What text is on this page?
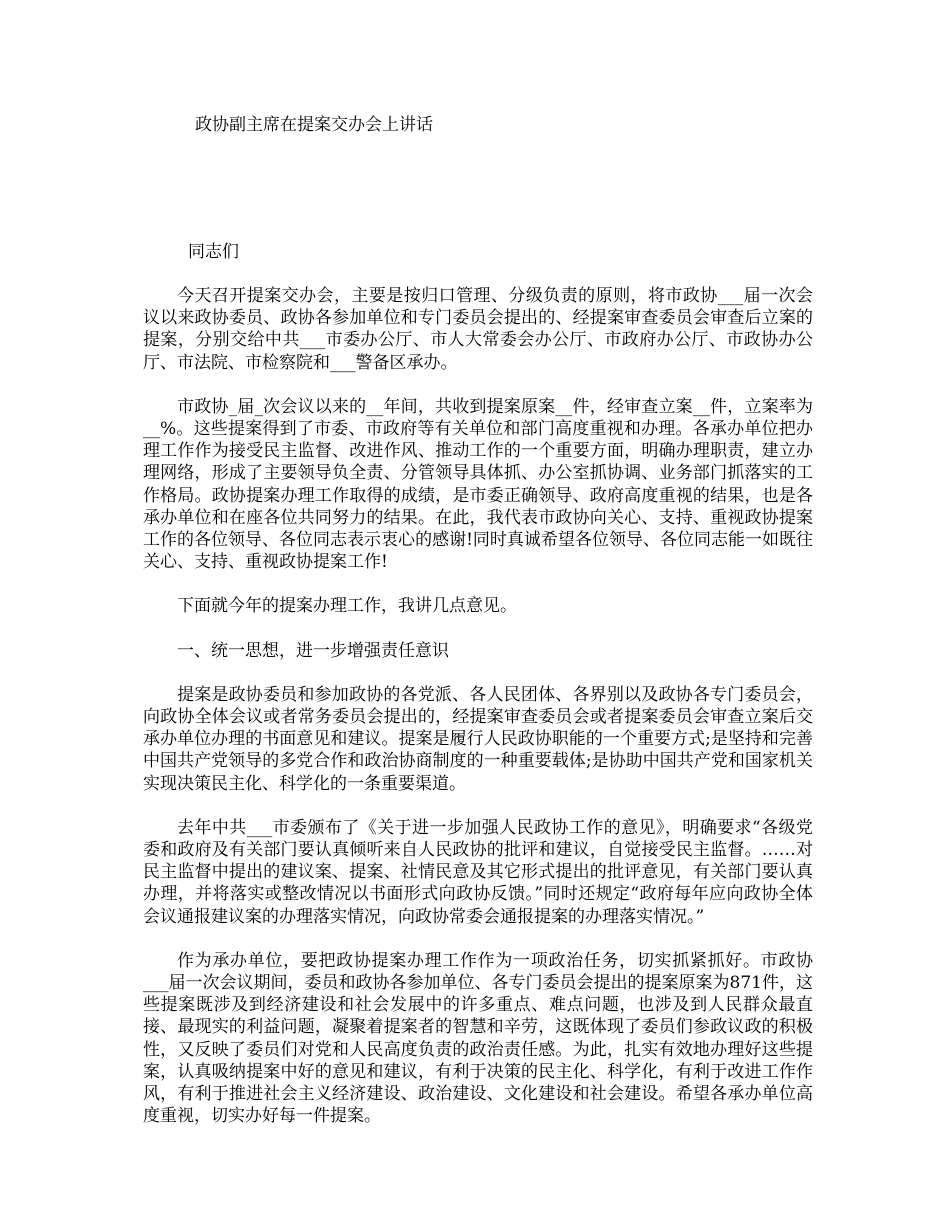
政协副主席在提案交办会上讲话
同志们

今天召开提案交办会，主要是按归口管理、分级负责的原则，将市政协___届一次会议以来政协委员、政协各参加单位和专门委员会提出的、经提案审查委员会审查后立案的提案，分别交给中共___市委办公厅、市人大常委会办公厅、市政府办公厅、市政协办公厅、市法院、市检察院和___警备区承办。

市政协_届_次会议以来的__年间，共收到提案原案__件，经审查立案__件，立案率为__%。这些提案得到了市委、市政府等有关单位和部门高度重视和办理。各承办单位把办理工作作为接受民主监督、改进作风、推动工作的一个重要方面，明确办理职责，建立办理网络，形成了主要领导负全责、分管领导具体抓、办公室抓协调、业务部门抓落实的工作格局。政协提案办理工作取得的成绩，是市委正确领导、政府高度重视的结果，也是各承办单位和在座各位共同努力的结果。在此，我代表市政协向关心、支持、重视政协提案工作的各位领导、各位同志表示衷心的感谢!同时真诚希望各位领导、各位同志能一如既往关心、支持、重视政协提案工作!

下面就今年的提案办理工作，我讲几点意见。

一、统一思想，进一步增强责任意识

提案是政协委员和参加政协的各党派、各人民团体、各界别以及政协各专门委员会，向政协全体会议或者常务委员会提出的，经提案审查委员会或者提案委员会审查立案后交承办单位办理的书面意见和建议。提案是履行人民政协职能的一个重要方式;是坚持和完善中国共产党领导的多党合作和政治协商制度的一种重要载体;是协助中国共产党和国家机关实现决策民主化、科学化的一条重要渠道。

去年中共___市委颁布了《关于进一步加强人民政协工作的意见》，明确要求“各级党委和政府及有关部门要认真倾听来自人民政协的批评和建议，自觉接受民主监督。……对民主监督中提出的建议案、提案、社情民意及其它形式提出的批评意见，有关部门要认真办理，并将落实或整改情况以书面形式向政协反馈。”同时还规定“政府每年应向政协全体会议通报建议案的办理落实情况，向政协常委会通报提案的办理落实情况。”

作为承办单位，要把政协提案办理工作作为一项政治任务，切实抓紧抓好。市政协___届一次会议期间，委员和政协各参加单位、各专门委员会提出的提案原案为871件，这些提案既涉及到经济建设和社会发展中的许多重点、难点问题，也涉及到人民群众最直接、最现实的利益问题，凝聚着提案者的智慧和辛劳，这既体现了委员们参政议政的积极性，又反映了委员们对党和人民高度负责的政治责任感。为此，扎实有效地办理好这些提案，认真吸纳提案中好的意见和建议，有利于决策的民主化、科学化，有利于改进工作作风，有利于推进社会主义经济建设、政治建设、文化建设和社会建设。希望各承办单位高度重视，切实办好每一件提案。
